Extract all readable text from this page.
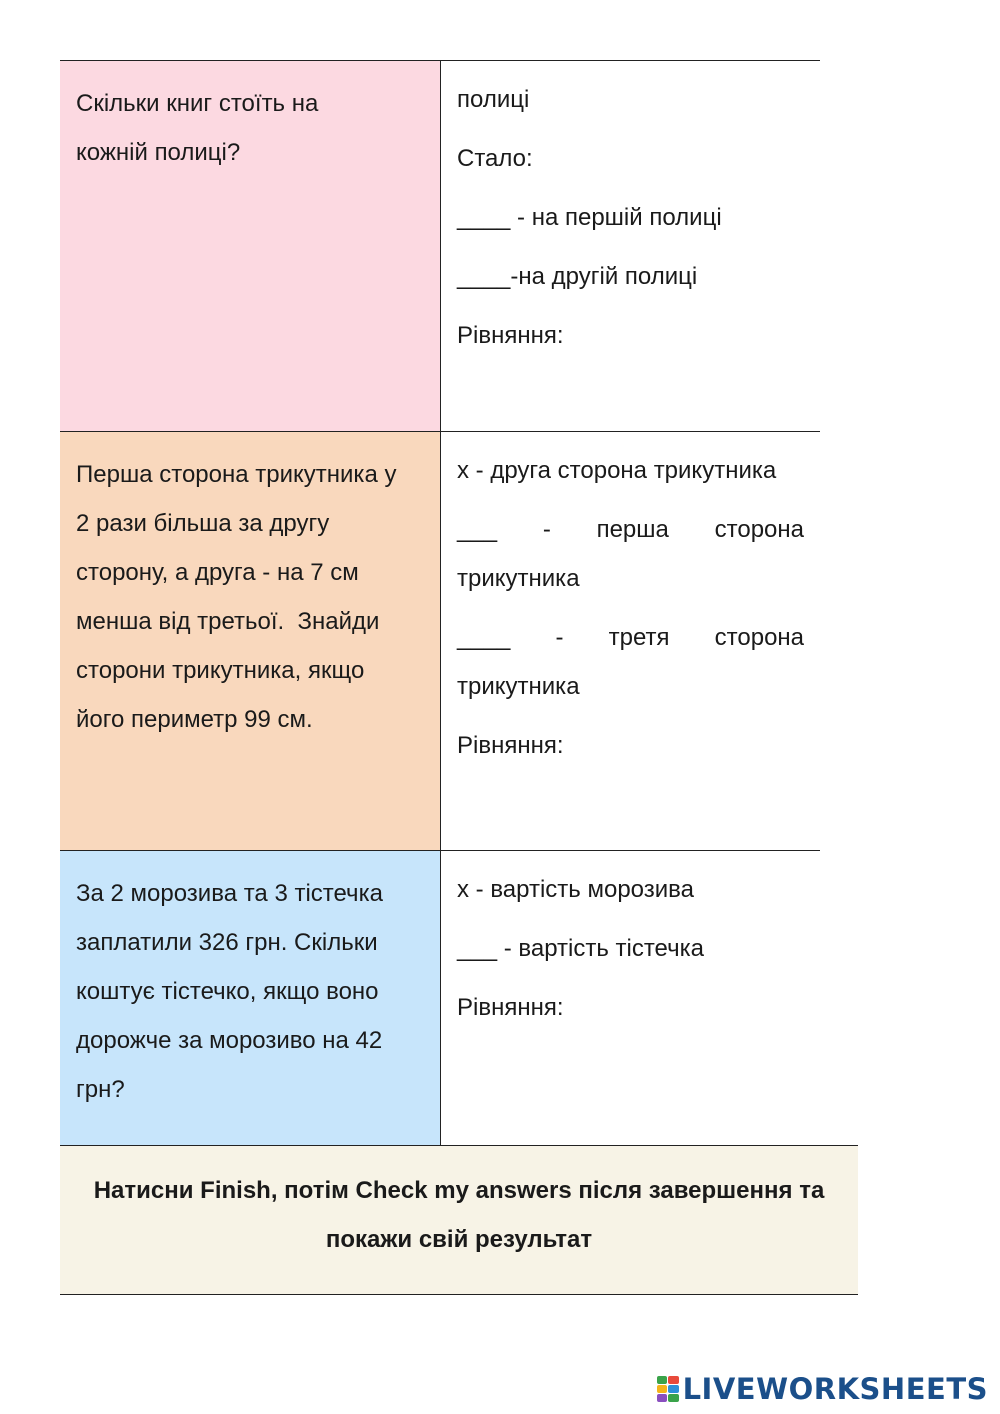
Скільки книг стоїть на
кожній полиці?
полиці
Стало:
____ - на першій полиці
____-на другій полиці
Рівняння:
Перша сторона трикутника у
2 рази більша за другу
сторону, а друга - на 7 см
менша від третьої.  Знайди
сторони трикутника, якщо
його периметр 99 см.
x - друга сторона трикутника
___ - перша сторона
трикутника
____ - третя сторона
трикутника
Рівняння:
За 2 морозива та 3 тістечка
заплатили 326 грн. Скільки
коштує тістечко, якщо воно
дорожче за морозиво на 42
грн?
x - вартість морозива
___ - вартість тістечка
Рівняння:
Натисни Finish, потім Check my answers після завершення та
покажи свій результат
LIVEWORKSHEETS
